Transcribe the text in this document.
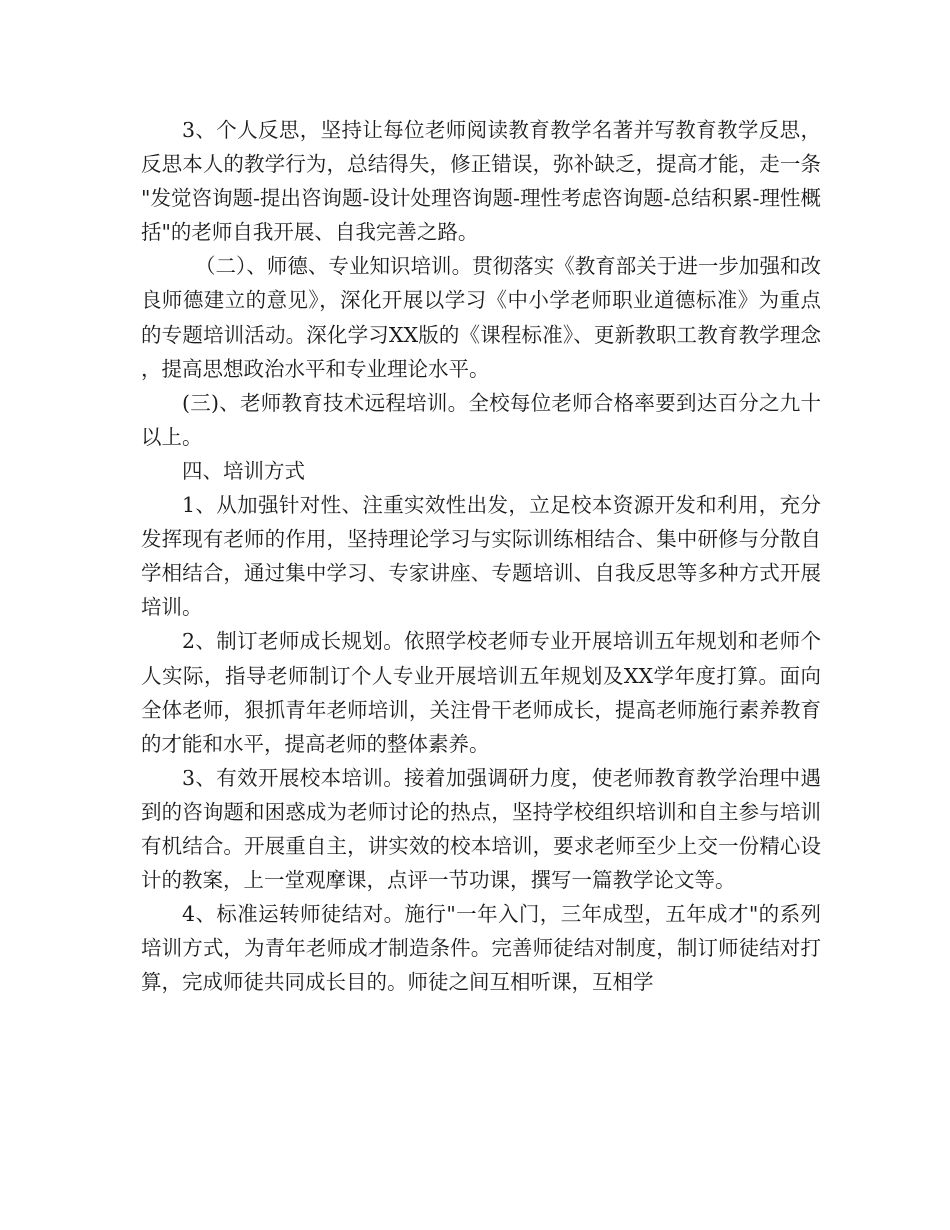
3、个人反思，坚持让每位老师阅读教育教学名著并写教育教学反思，反思本人的教学行为，总结得失，修正错误，弥补缺乏，提高才能，走一条"发觉咨询题-提出咨询题-设计处理咨询题-理性考虑咨询题-总结积累-理性概括"的老师自我开展、自我完善之路。

（二）、师德、专业知识培训。贯彻落实《教育部关于进一步加强和改良师德建立的意见》，深化开展以学习《中小学老师职业道德标准》为重点的专题培训活动。深化学习XX版的《课程标准》、更新教职工教育教学理念，提高思想政治水平和专业理论水平。

(三)、老师教育技术远程培训。全校每位老师合格率要到达百分之九十以上。

四、培训方式

1、从加强针对性、注重实效性出发，立足校本资源开发和利用，充分发挥现有老师的作用，坚持理论学习与实际训练相结合、集中研修与分散自学相结合，通过集中学习、专家讲座、专题培训、自我反思等多种方式开展培训。

2、制订老师成长规划。依照学校老师专业开展培训五年规划和老师个人实际，指导老师制订个人专业开展培训五年规划及XX学年度打算。面向全体老师，狠抓青年老师培训，关注骨干老师成长，提高老师施行素养教育的才能和水平，提高老师的整体素养。

3、有效开展校本培训。接着加强调研力度，使老师教育教学治理中遇到的咨询题和困惑成为老师讨论的热点，坚持学校组织培训和自主参与培训有机结合。开展重自主，讲实效的校本培训，要求老师至少上交一份精心设计的教案，上一堂观摩课，点评一节功课，撰写一篇教学论文等。

4、标准运转师徒结对。施行"一年入门，三年成型，五年成才"的系列培训方式，为青年老师成才制造条件。完善师徒结对制度，制订师徒结对打算，完成师徒共同成长目的。师徒之间互相听课，互相学
